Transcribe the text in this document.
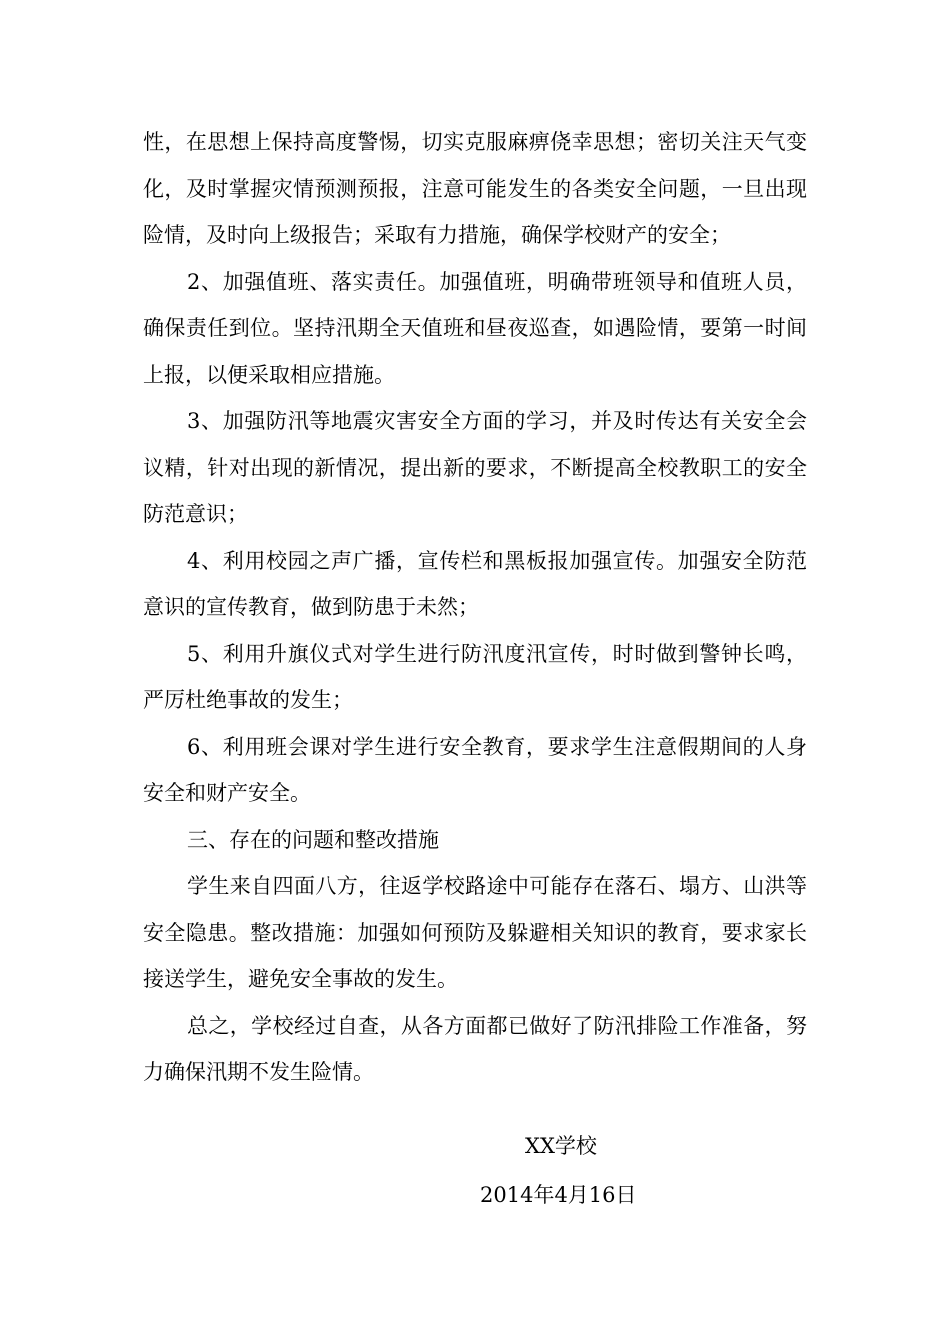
性，在思想上保持高度警惕，切实克服麻痹侥幸思想；密切关注天气变化，及时掌握灾情预测预报，注意可能发生的各类安全问题，一旦出现险情，及时向上级报告；采取有力措施，确保学校财产的安全；

2、加强值班、落实责任。加强值班，明确带班领导和值班人员，确保责任到位。坚持汛期全天值班和昼夜巡查，如遇险情，要第一时间上报，以便采取相应措施。

3、加强防汛等地震灾害安全方面的学习，并及时传达有关安全会议精，针对出现的新情况，提出新的要求，不断提高全校教职工的安全防范意识；

4、利用校园之声广播，宣传栏和黑板报加强宣传。加强安全防范意识的宣传教育，做到防患于未然；

5、利用升旗仪式对学生进行防汛度汛宣传，时时做到警钟长鸣，严厉杜绝事故的发生；

6、利用班会课对学生进行安全教育，要求学生注意假期间的人身安全和财产安全。

三、存在的问题和整改措施

学生来自四面八方，往返学校路途中可能存在落石、塌方、山洪等安全隐患。整改措施：加强如何预防及躲避相关知识的教育，要求家长接送学生，避免安全事故的发生。

总之，学校经过自查，从各方面都已做好了防汛排险工作准备，努力确保汛期不发生险情。

XX学校
2014年4月16日
